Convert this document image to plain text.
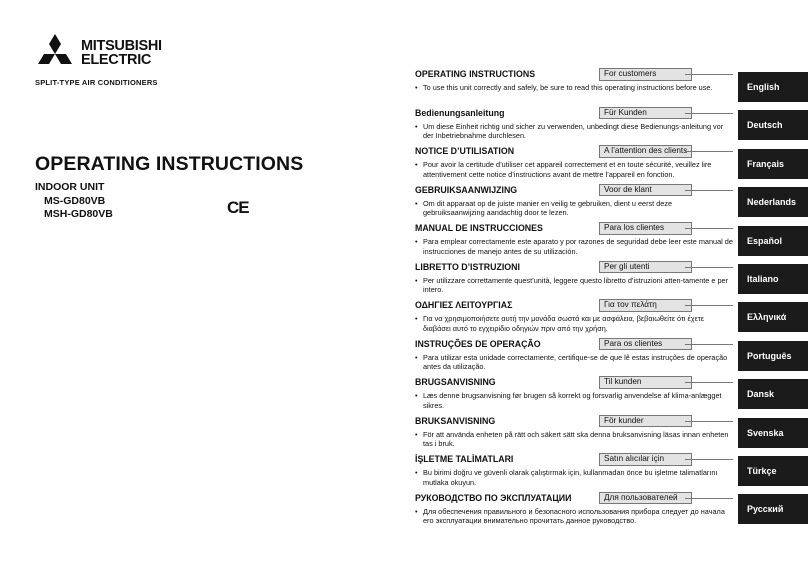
MITSUBISHI
ELECTRIC
SPLIT-TYPE AIR CONDITIONERS
OPERATING INSTRUCTIONS
INDOOR UNIT
MS-GD80VB
MSH-GD80VB	CE
OPERATING INSTRUCTIONS	For customers
• To use this unit correctly and safely, be sure to read this operating instructions before use.
Bedienungsanleitung	Für Kunden
• Um diese Einheit richtig und sicher zu verwenden, unbedingt diese Bedienungs-anleitung vor der Inbetriebnahme durchlesen.
NOTICE D’UTILISATION	A l’attention des clients
• Pour avoir la certitude d’utiliser cet appareil correctement et en toute sécurité, veuillez lire attentivement cette notice d’instructions avant de mettre l’appareil en fonction.
GEBRUIKSAANWIJZING	Voor de klant
• Om dit apparaat op de juiste manier en veilig te gebruiken, dient u eerst deze gebruiksaanwijzing aandachtig door te lezen.
MANUAL DE INSTRUCCIONES	Para los clientes
• Para emplear correctamente este aparato y por razones de seguridad debe leer este manual de instrucciones de manejo antes de su utilización.
LIBRETTO D’ISTRUZIONI	Per gli utenti
• Per utilizzare correttamente quest’unità, leggere questo libretto d’istruzioni atten-tamente e per intero.
ΟΔΗΓΙΕΣ ΛΕΙΤΟΥΡΓΙΑΣ	Για τον πελάτη
• Για να χρησιμοποιήσετε αυτή την μονάδα σωστά και με ασφάλεια, βεβαιωθείτε ότι έχετε διαβάσει αυτό το εγχειρίδιο οδηγιών πριν από την χρήση.
INSTRUÇÕES DE OPERAÇÃO	Para os clientes
• Para utilizar esta unidade correctamente, certifique-se de que lê estas instruções de operação antes da utilização.
BRUGSANVISNING	Til kunden
• Læs denne brugsanvisning før brugen så korrekt og forsvarlig anvendelse af klima-anlægget sikres.
BRUKSANVISNING	För kunder
• För att använda enheten på rätt och säkert sätt ska denna bruksanvisning läsas innan enheten tas i bruk.
İŞLETME TALİMATLARI	Satın alıcılar için
• Bu birimi doğru ve güvenli olarak çalıştırmak için, kullanmadan önce bu işletme talimatlarını mutlaka okuyun.
РУКОВОДСТВО ПО ЭКСПЛУАТАЦИИ	Для пользователей
• Для обеспечения правильного и безопасного использования прибора следует до начала его эксплуатации внимательно прочитать данное руководство.
English
Deutsch
Français
Nederlands
Español
Italiano
Ελληνικά
Português
Dansk
Svenska
Türkçe
Русский
